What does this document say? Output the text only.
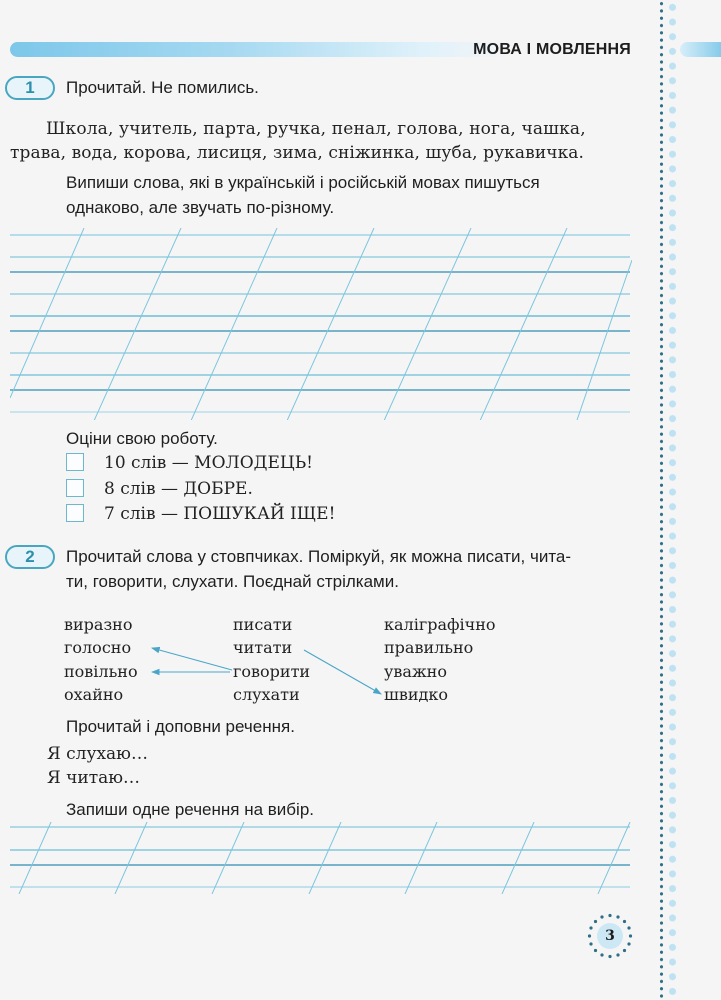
МОВА І МОВЛЕННЯ
1	Прочитай. Не помились.
Школа, учитель, парта, ручка, пенал, голова, нога, чашка,
трава, вода, корова, лисиця, зима, сніжинка, шуба, рукавичка.
Випиши слова, які в українській і російській мовах пишуться
однаково, але звучать по-різному.
Оціни свою роботу.
10 слів — МОЛОДЕЦЬ!
8 слів — ДОБРЕ.
7 слів — ПОШУКАЙ ІЩЕ!
2	Прочитай слова у стовпчиках. Поміркуй, як можна писати, чита-
ти, говорити, слухати. Поєднай стрілками.
виразно
голосно
повільно
охайно
писати
читати
говорити
слухати
каліграфічно
правильно
уважно
швидко
Прочитай і доповни речення.
Я слухаю…
Я читаю…
Запиши одне речення на вибір.
3
